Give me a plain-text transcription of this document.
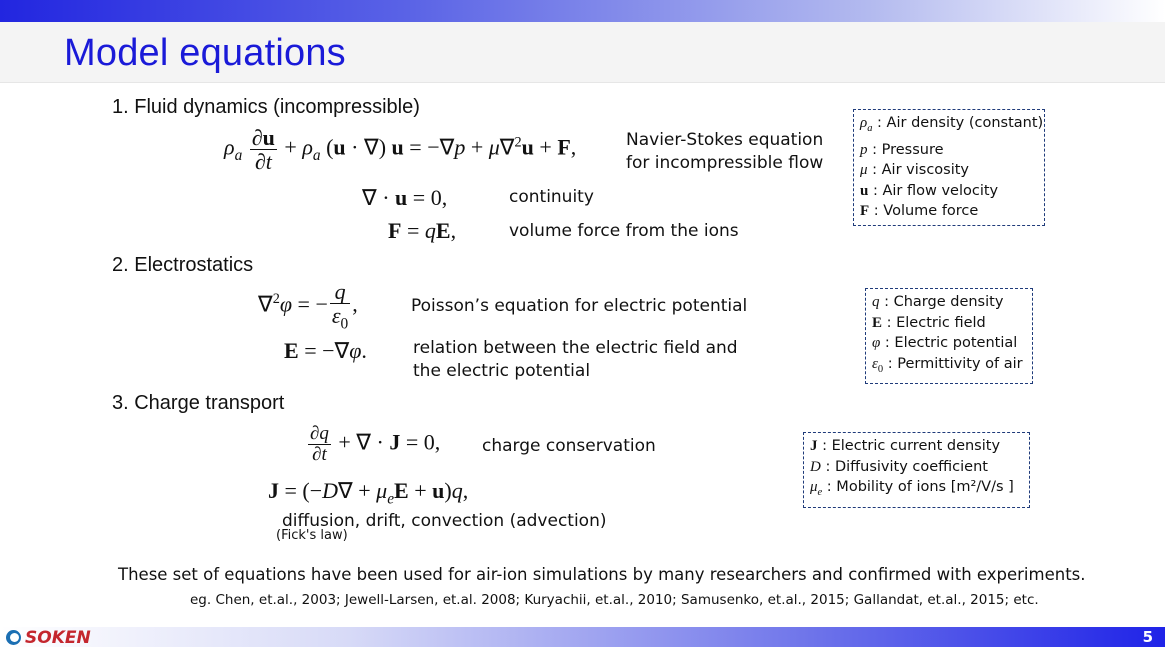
Model equations
1. Fluid dynamics (incompressible)
$\rho_a \frac{\partial u}{\partial t} + \rho_a$ (u · ∇) u = −∇p + μ∇$^2$u + F,	Navier-Stokes equation
for incompressible flow
∇ · u = 0,	continuity
F = qE,	volume force from the ions
$\rho_a$ : Air density (constant)
p : Pressure
μ : Air viscosity
u : Air flow velocity
F : Volume force
2. Electrostatics
∇$^2$φ = − $\frac{q}{\varepsilon_0}$ ,	Poisson’s equation for electric potential
E = −∇φ.	relation between the electric field and
the electric potential
q : Charge density
E : Electric field
φ : Electric potential
$\varepsilon_0$ : Permittivity of air
3. Charge transport
$\frac{\partial q}{\partial t}$ + ∇ · J = 0, charge conservation
$J = (-D\nabla + \mu_eE + u)q$,
diffusion, drift, convection (advection)
(Fick's law)
J : Electric current density
D : Diffusivity coefficient
$\mu_e$ : Mobility of ions [m²/V/s ]
These set of equations have been used for air-ion simulations by many researchers and confirmed with experiments.
eg. Chen, et.al., 2003; Jewell-Larsen, et.al. 2008; Kuryachii, et.al., 2010; Samusenko, et.al., 2015; Gallandat, et.al., 2015; etc.
SOKEN	5
